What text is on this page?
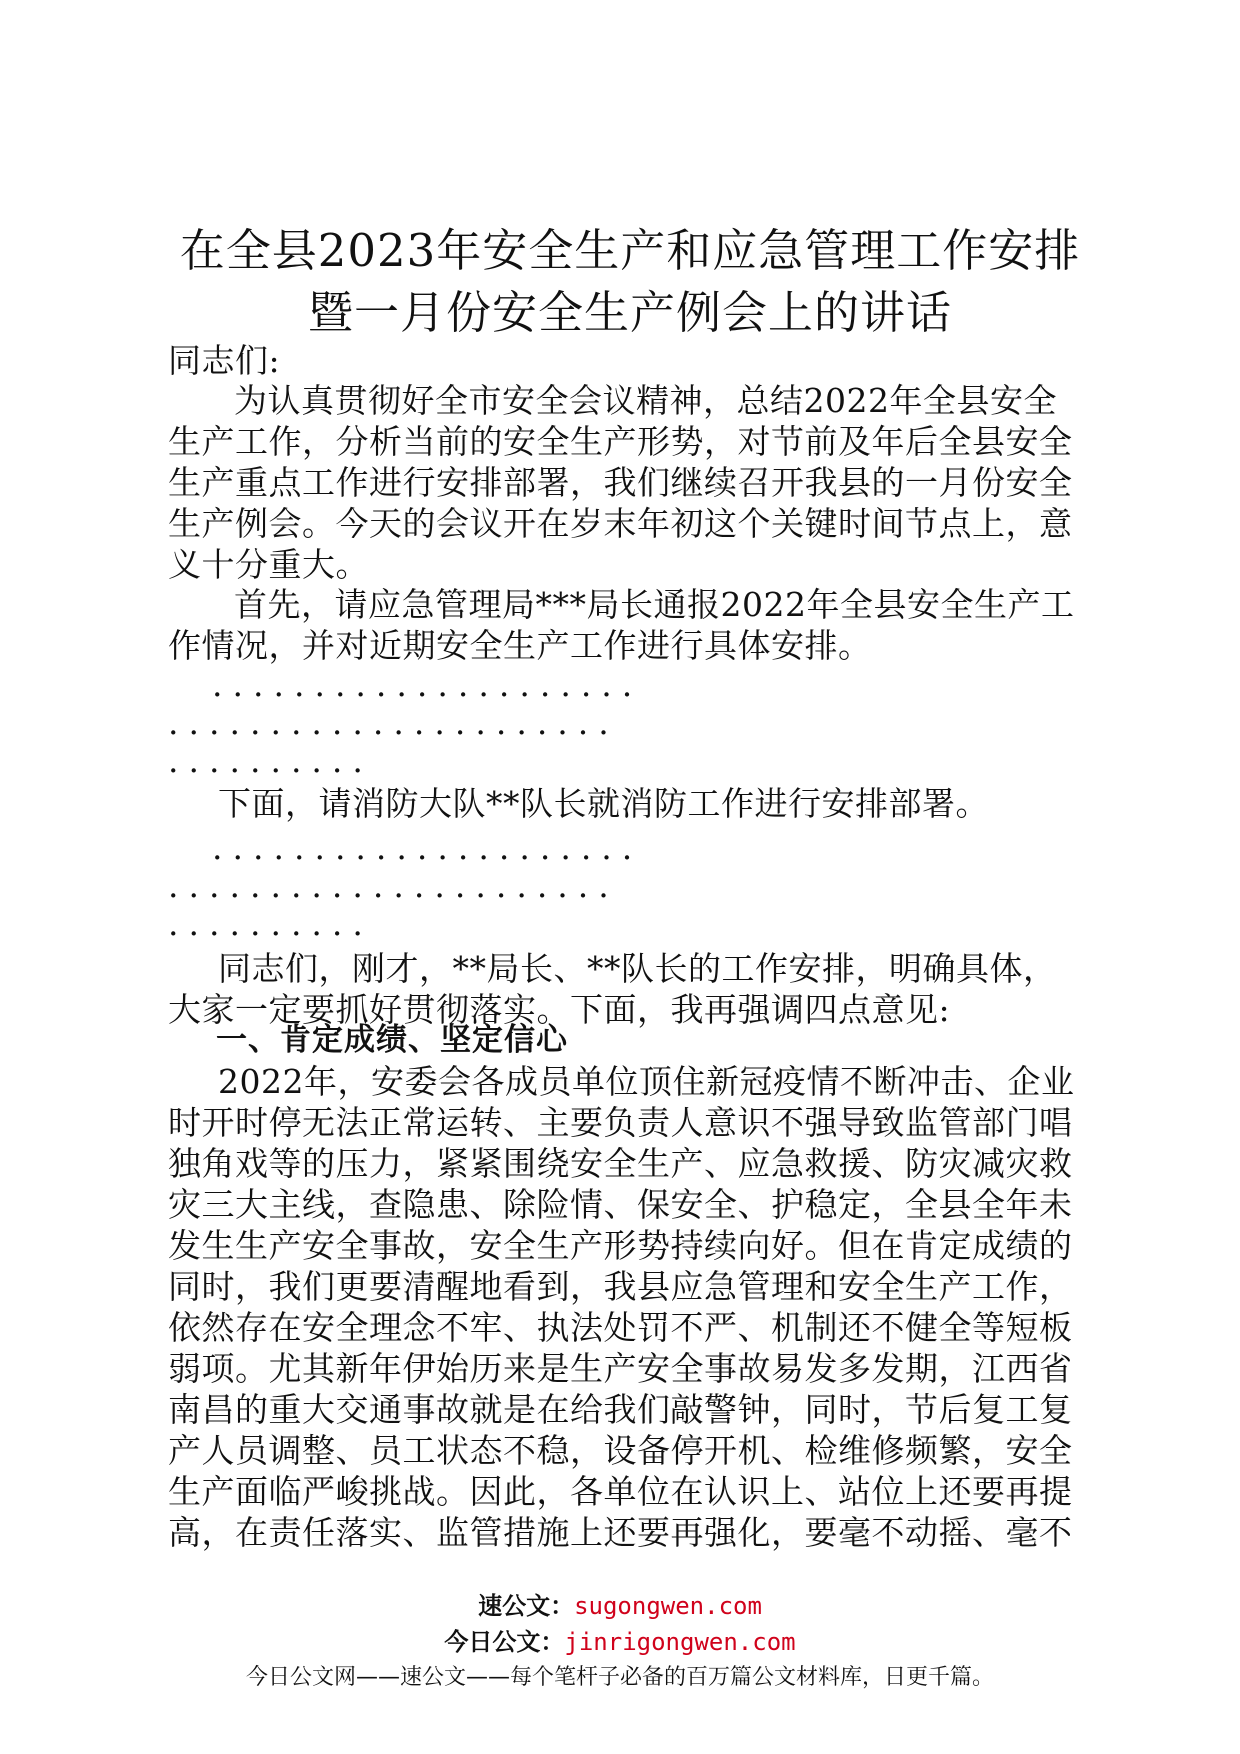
在全县2023年安全生产和应急管理工作安排
暨一月份安全生产例会上的讲话
同志们:
为认真贯彻好全市安全会议精神，总结2022年全县安全生产工作，分析当前的安全生产形势，对节前及年后全县安全生产重点工作进行安排部署，我们继续召开我县的一月份安全生产例会。今天的会议开在岁末年初这个关键时间节点上，意义十分重大。
首先，请应急管理局***局长通报2022年全县安全生产工作情况，并对近期安全生产工作进行具体安排。
.....................
......................
..........
下面，请消防大队**队长就消防工作进行安排部署。
.....................
......................
..........
同志们，刚才，**局长、**队长的工作安排，明确具体，大家一定要抓好贯彻落实。下面，我再强调四点意见:
一、肯定成绩、坚定信心
2022年，安委会各成员单位顶住新冠疫情不断冲击、企业时开时停无法正常运转、主要负责人意识不强导致监管部门唱独角戏等的压力，紧紧围绕安全生产、应急救援、防灾减灾救灾三大主线，查隐患、除险情、保安全、护稳定，全县全年未发生生产安全事故，安全生产形势持续向好。但在肯定成绩的同时，我们更要清醒地看到，我县应急管理和安全生产工作，依然存在安全理念不牢、执法处罚不严、机制还不健全等短板弱项。尤其新年伊始历来是生产安全事故易发多发期，江西省南昌的重大交通事故就是在给我们敲警钟，同时，节后复工复产人员调整、员工状态不稳，设备停开机、检维修频繁，安全生产面临严峻挑战。因此，各单位在认识上、站位上还要再提高，在责任落实、监管措施上还要再强化，要毫不动摇、毫不
速公文：sugongwen.com
今日公文：jinrigongwen.com
今日公文网——速公文——每个笔杆子必备的百万篇公文材料库，日更千篇。
